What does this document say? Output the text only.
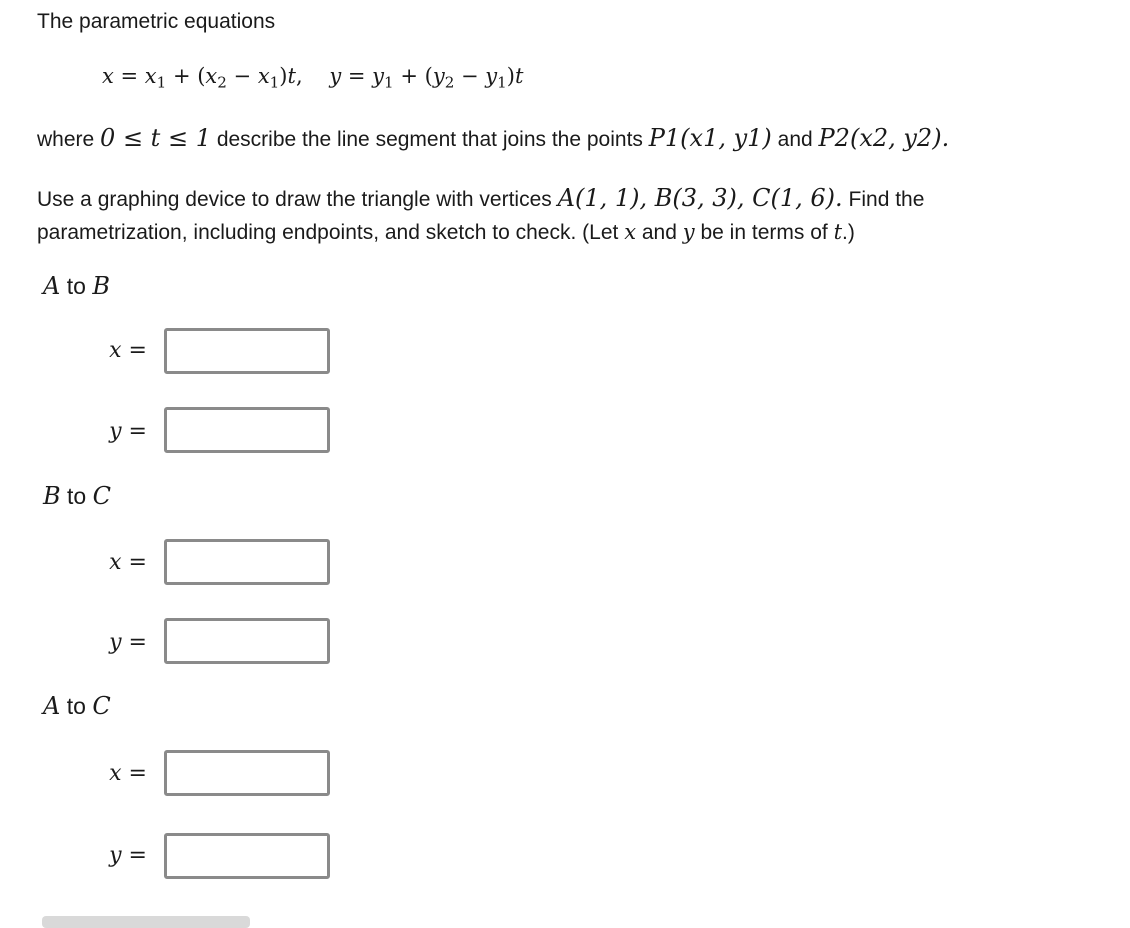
The parametric equations
$x = x_1 + (x_2 - x_1)t$,    $y = y_1 + (y_2 - y_1)t$
where 0 ≤ t ≤ 1 describe the line segment that joins the points P1(x1, y1) and P2(x2, y2).
Use a graphing device to draw the triangle with vertices A(1, 1), B(3, 3), C(1, 6). Find the
parametrization, including endpoints, and sketch to check. (Let x and y be in terms of t.)
A to B
x =
y =
B to C
x =
y =
A to C
x =
y =
